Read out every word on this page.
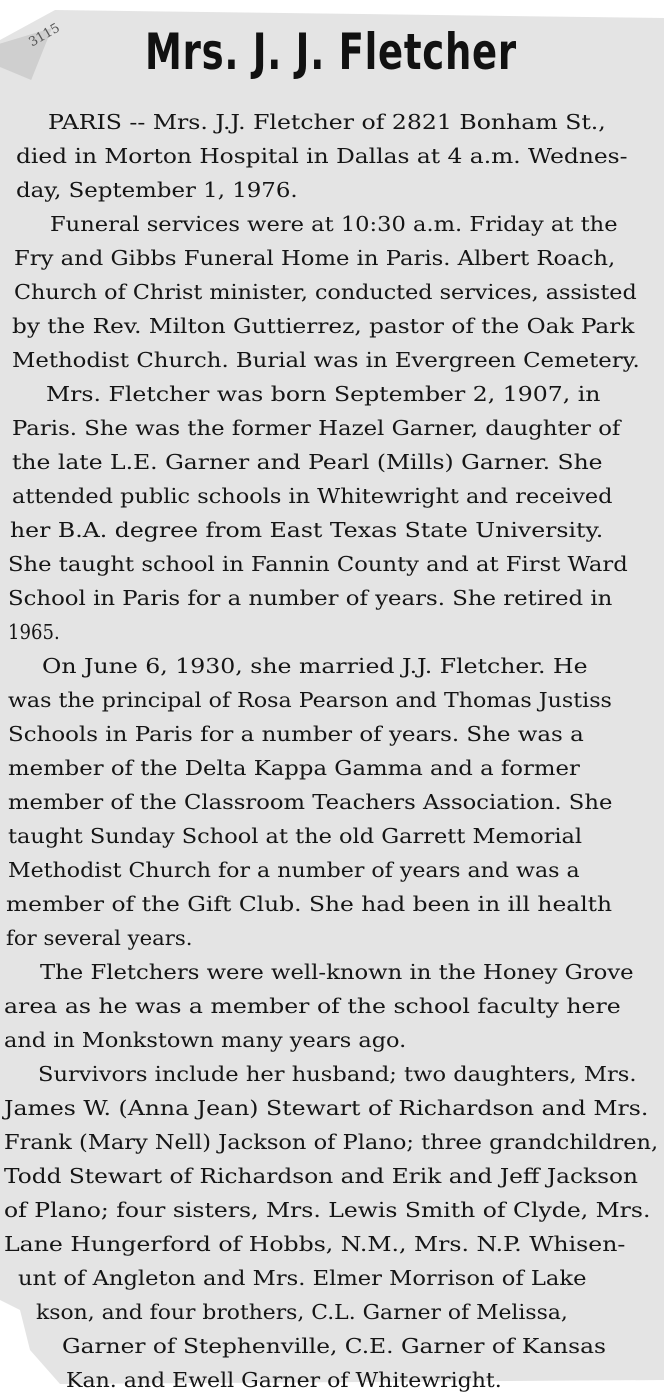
3115	Mrs. J. J. Fletcher
PARIS -- Mrs. J.J. Fletcher of 2821 Bonham St.,
died in Morton Hospital in Dallas at 4 a.m. Wednes-
day, September 1, 1976.
Funeral services were at 10:30 a.m. Friday at the
Fry and Gibbs Funeral Home in Paris. Albert Roach,
Church of Christ minister, conducted services, assisted
by the Rev. Milton Guttierrez, pastor of the Oak Park
Methodist Church. Burial was in Evergreen Cemetery.
Mrs. Fletcher was born September 2, 1907, in
Paris. She was the former Hazel Garner, daughter of
the late L.E. Garner and Pearl (Mills) Garner. She
attended public schools in Whitewright and received
her B.A. degree from East Texas State University.
She taught school in Fannin County and at First Ward
School in Paris for a number of years. She retired in
1965.
On June 6, 1930, she married J.J. Fletcher. He
was the principal of Rosa Pearson and Thomas Justiss
Schools in Paris for a number of years. She was a
member of the Delta Kappa Gamma and a former
member of the Classroom Teachers Association. She
taught Sunday School at the old Garrett Memorial
Methodist Church for a number of years and was a
member of the Gift Club. She had been in ill health
for several years.
The Fletchers were well-known in the Honey Grove
area as he was a member of the school faculty here
and in Monkstown many years ago.
Survivors include her husband; two daughters, Mrs.
James W. (Anna Jean) Stewart of Richardson and Mrs.
Frank (Mary Nell) Jackson of Plano; three grandchildren,
Todd Stewart of Richardson and Erik and Jeff Jackson
of Plano; four sisters, Mrs. Lewis Smith of Clyde, Mrs.
Lane Hungerford of Hobbs, N.M., Mrs. N.P. Whisen-
unt of Angleton and Mrs. Elmer Morrison of Lake
kson, and four brothers, C.L. Garner of Melissa,
Garner of Stephenville, C.E. Garner of Kansas
Kan. and Ewell Garner of Whitewright.
